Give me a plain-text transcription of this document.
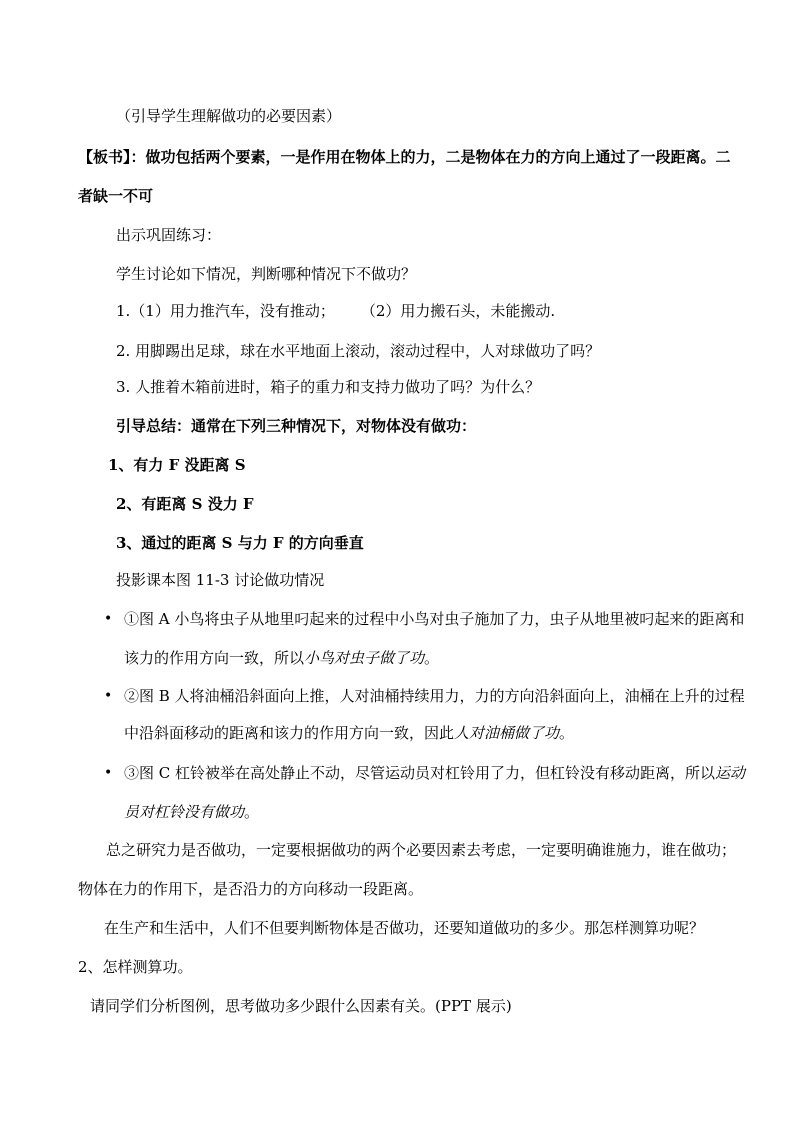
（引导学生理解做功的必要因素）
【板书】：做功包括两个要素，一是作用在物体上的力，二是物体在力的方向上通过了一段距离。二
者缺一不可
出示巩固练习：
学生讨论如下情况，判断哪种情况下不做功？
1.（1）用力推汽车，没有推动； （2）用力搬石头，未能搬动.
2. 用脚踢出足球，球在水平地面上滚动，滚动过程中，人对球做功了吗？
3. 人推着木箱前进时，箱子的重力和支持力做功了吗？为什么？
引导总结：通常在下列三种情况下，对物体没有做功：
1、有力 F 没距离 S
2、有距离 S 没力 F
3、通过的距离 S 与力 F 的方向垂直
投影课本图 11-3 讨论做功情况
• ①图 A 小鸟将虫子从地里叼起来的过程中小鸟对虫子施加了力，虫子从地里被叼起来的距离和
该力的作用方向一致，所以小鸟对虫子做了功。
• ②图 B 人将油桶沿斜面向上推，人对油桶持续用力，力的方向沿斜面向上，油桶在上升的过程
中沿斜面移动的距离和该力的作用方向一致，因此人对油桶做了功。
• ③图 C 杠铃被举在高处静止不动，尽管运动员对杠铃用了力，但杠铃没有移动距离，所以运动
员对杠铃没有做功。
总之研究力是否做功，一定要根据做功的两个必要因素去考虑，一定要明确谁施力，谁在做功；
物体在力的作用下，是否沿力的方向移动一段距离。
在生产和生活中，人们不但要判断物体是否做功，还要知道做功的多少。那怎样测算功呢？
2、怎样测算功。
请同学们分析图例，思考做功多少跟什么因素有关。(PPT 展示)
